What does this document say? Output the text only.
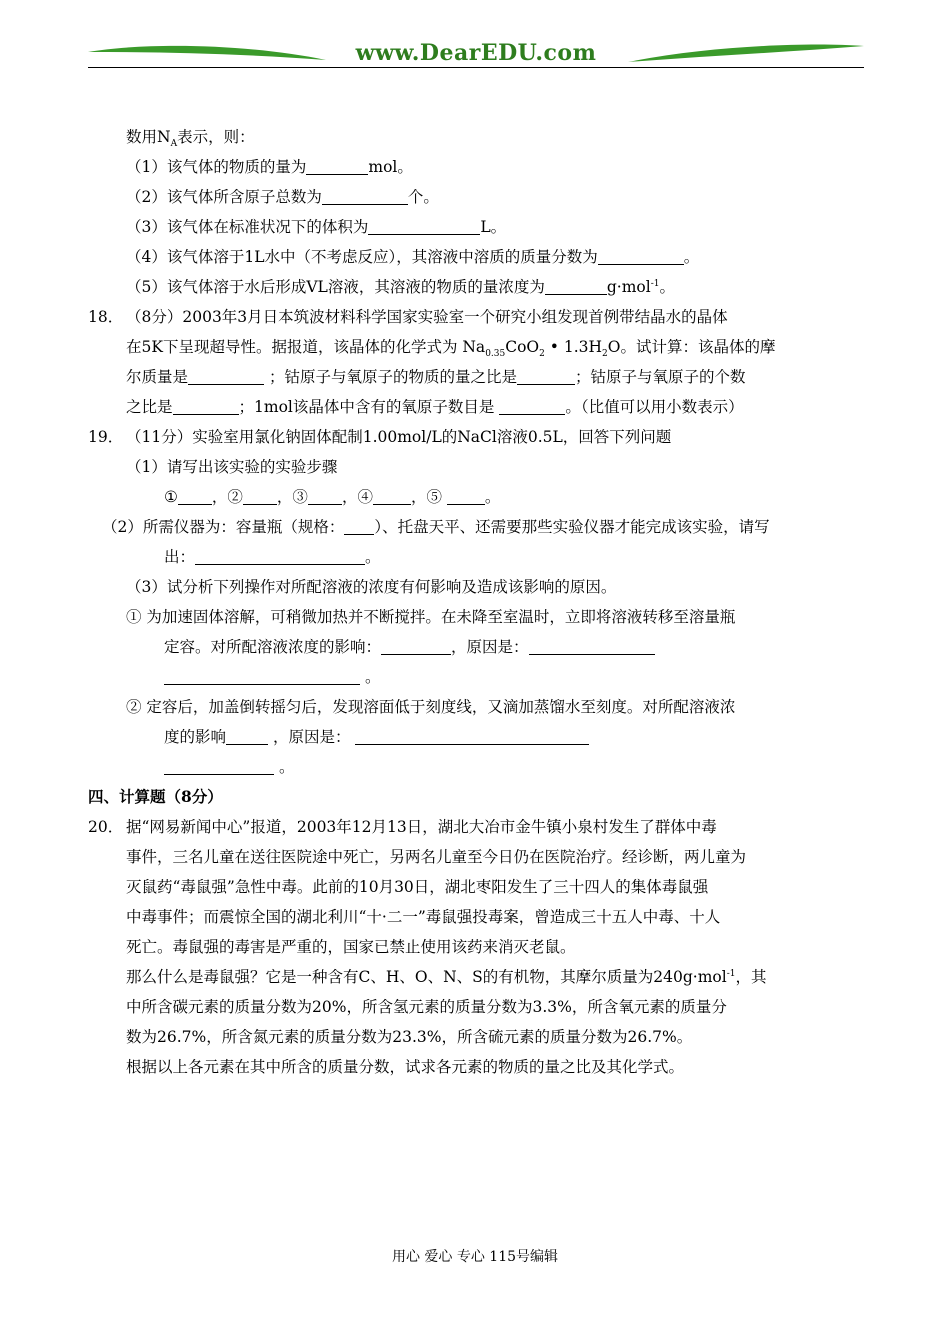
www.DearEDU.com
数用$N_A$表示，则：
（1）该气体的物质的量为	mol。
（2）该气体所含原子总数为	个。
（3）该气体在标准状况下的体积为	L。
（4）该气体溶于1L水中（不考虑反应），其溶液中溶质的质量分数为	。
（5）该气体溶于水后形成VL溶液，其溶液的物质的量浓度为	g·mol$^{-1}$。
18． （8分）2003年3月日本筑波材料科学国家实验室一个研究小组发现首例带结晶水的晶体
在5K下呈现超导性。据报道，该晶体的化学式为 $Na_{0.35}CoO_2$ • $1.3H_2O$。试计算：该晶体的摩
尔质量是	；钴原子与氧原子的物质的量之比是	；钴原子与氧原子的个数
之比是	；1mol该晶体中含有的氧原子数目是	。（比值可以用小数表示）
19． （11分）实验室用氯化钠固体配制1.00mol/L的NaCl溶液0.5L，回答下列问题
（1）请写出该实验的实验步骤
① ，② ，③ ，④ ，⑤	。
（2）所需仪器为：容量瓶（规格： ）、托盘天平、还需要那些实验仪器才能完成该实验，请写
出：	。
（3）试分析下列操作对所配溶液的浓度有何影响及造成该影响的原因。
① 为加速固体溶解，可稍微加热并不断搅拌。在未降至室温时，立即将溶液转移至溶量瓶
定容。对所配溶液浓度的影响：	，原因是：
。
② 定容后，加盖倒转摇匀后，发现溶面低于刻度线，又滴加蒸馏水至刻度。对所配溶液浓
度的影响	，原因是：
。
四、计算题（8分）
20． 据“网易新闻中心”报道，2003年12月13日，湖北大冶市金牛镇小泉村发生了群体中毒
事件，三名儿童在送往医院途中死亡，另两名儿童至今日仍在医院治疗。经诊断，两儿童为
灭鼠药“毒鼠强”急性中毒。此前的10月30日，湖北枣阳发生了三十四人的集体毒鼠强
中毒事件；而震惊全国的湖北利川“十·二一”毒鼠强投毒案，曾造成三十五人中毒、十人
死亡。毒鼠强的毒害是严重的，国家已禁止使用该药来消灭老鼠。
那么什么是毒鼠强？它是一种含有C、H、O、N、S的有机物，其摩尔质量为240g·mol$^{-1}$，其
中所含碳元素的质量分数为20%，所含氢元素的质量分数为3.3%，所含氧元素的质量分
数为26.7%，所含氮元素的质量分数为23.3%，所含硫元素的质量分数为26.7%。
根据以上各元素在其中所含的质量分数，试求各元素的物质的量之比及其化学式。
用心 爱心 专心 115号编辑
